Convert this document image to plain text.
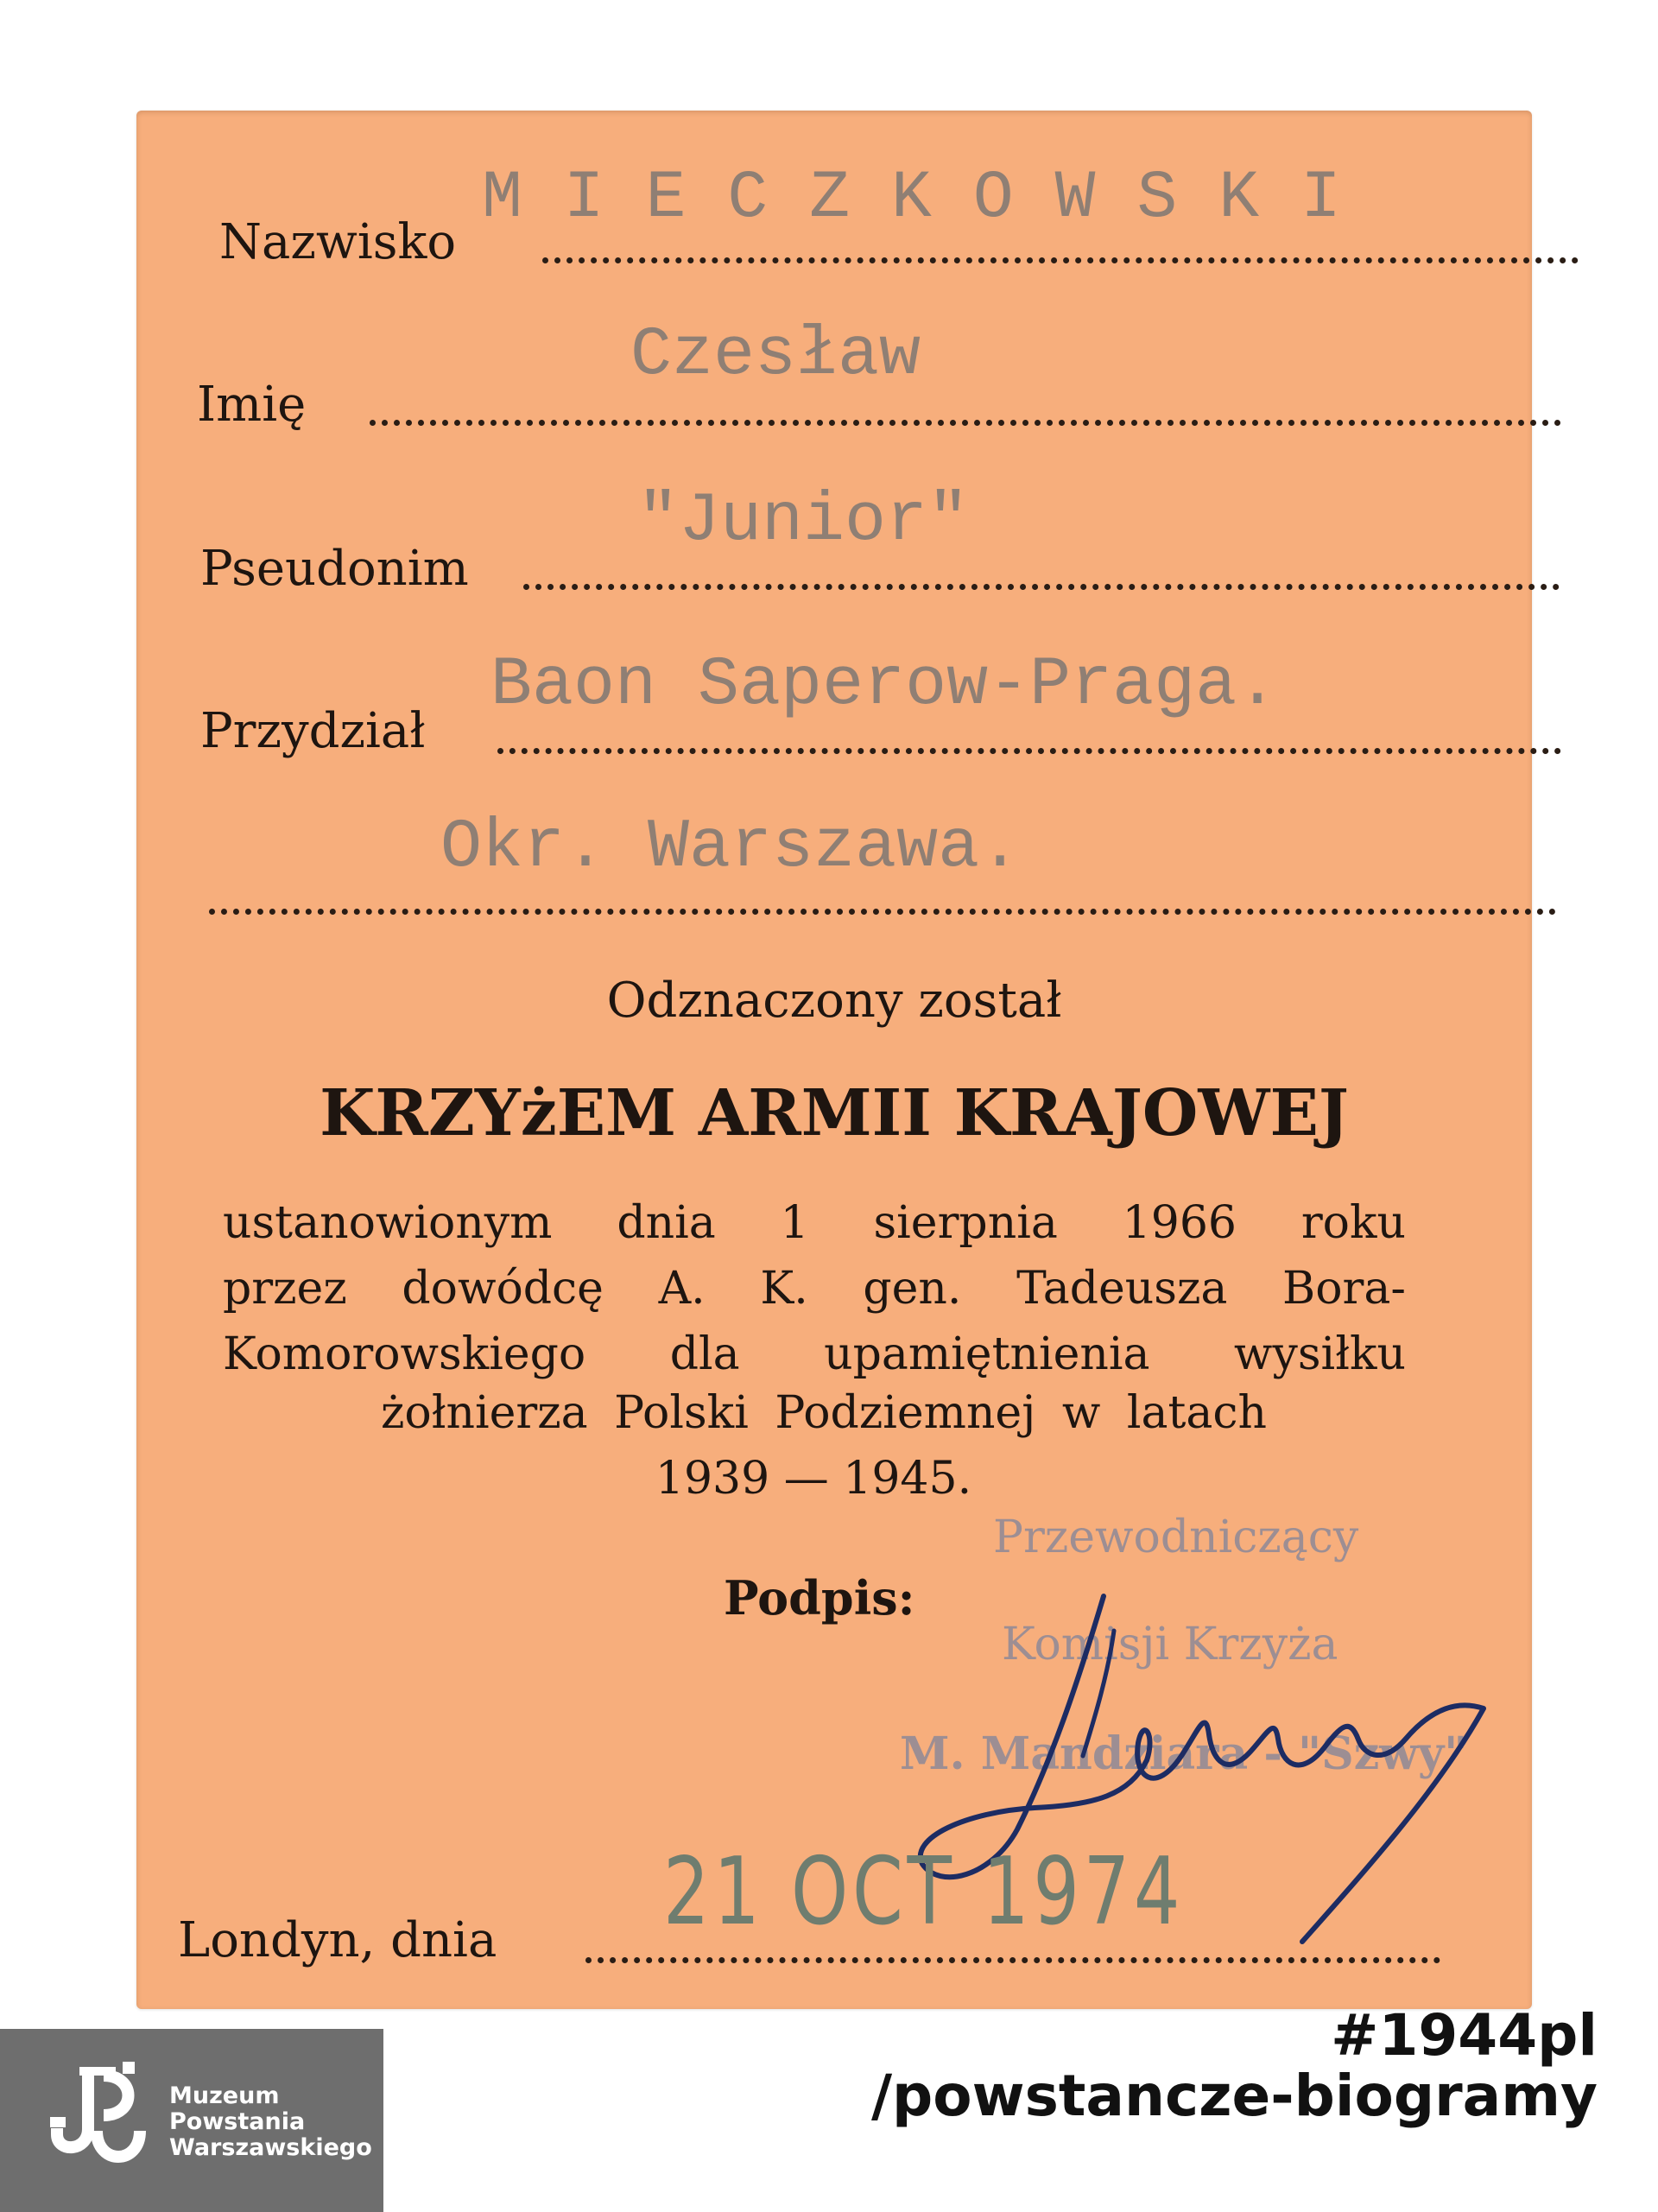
Nazwisko
MIECZKOWSKI
Imię
Czesław
Pseudonim
"Junior"
Przydział
Baon Saperow-Praga.
Okr. Warszawa.
Odznaczony został
KRZYżEM ARMII KRAJOWEJ
ustanowionym dnia 1 sierpnia 1966 roku
przez dowódcę A. K. gen. Tadeusza Bora-
Komorowskiego dla upamiętnienia wysiłku
żołnierza Polski Podziemnej w latach
1939 — 1945.
Podpis:
Przewodniczący
Komisji Krzyża
M. Mandziara - "Szwy"
21 OCT 1974
Londyn, dnia
Muzeum
Powstania
Warszawskiego
#1944pl
/powstancze-biogramy
